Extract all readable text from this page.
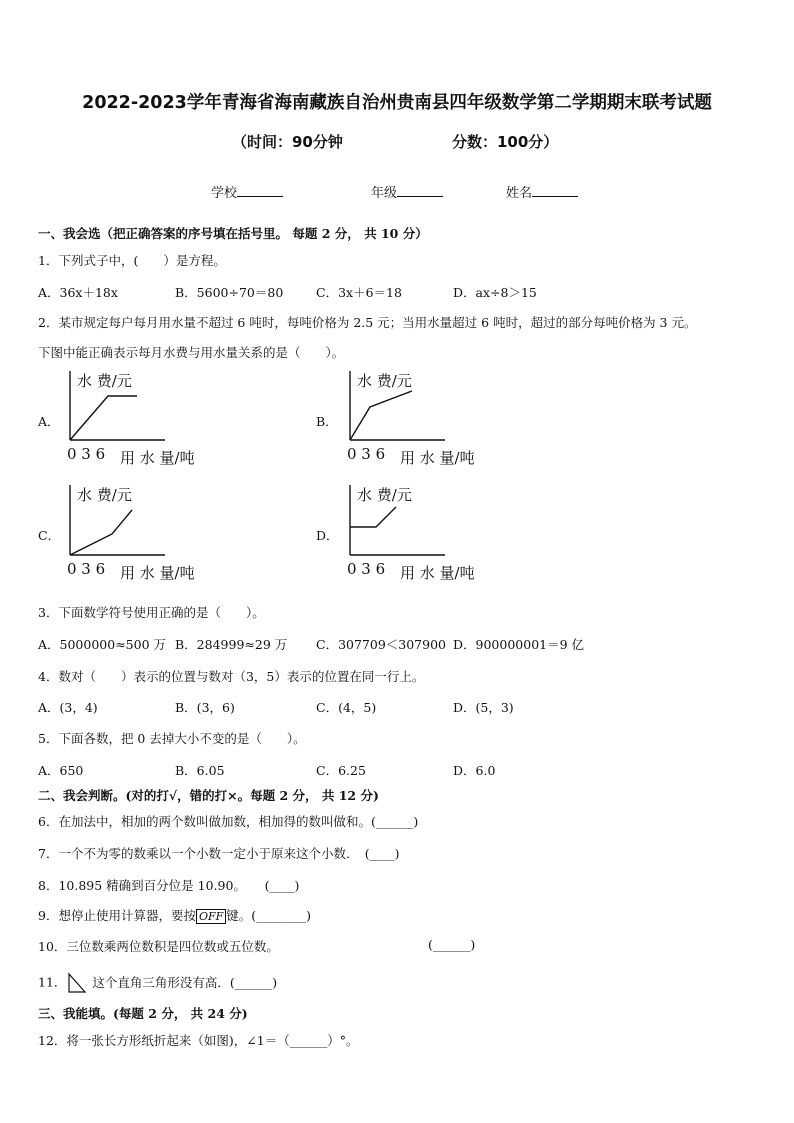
2022-2023学年青海省海南藏族自治州贵南县四年级数学第二学期期末联考试题
（时间：90分钟	分数：100分）
学校	年级	姓名
一、我会选（把正确答案的序号填在括号里。 每题 2 分， 共 10 分）
1．下列式子中，(　　）是方程。
A．36x＋18x	B．5600÷70＝80	C．3x＋6＝18	D．ax÷8＞15
2．某市规定每户每月用水量不超过 6 吨时，每吨价格为 2.5 元；当用水量超过 6 吨时，超过的部分每吨价格为 3 元。
下图中能正确表示每月水费与用水量关系的是（　　）。
A．
水 费/元
0 3 6 用 水 量/吨
B．
水 费/元
0 3 6 用 水 量/吨
C．
水 费/元
0 3 6 用 水 量/吨
D．
水 费/元
0 3 6 用 水 量/吨
3．下面数学符号使用正确的是（　　）。
A．5000000≈500 万 B．284999≈29 万 C．307709＜307900 D．900000001＝9 亿
4．数对（　　）表示的位置与数对（3，5）表示的位置在同一行上。
A．(3，4)	B．(3，6)	C．(4，5)	D．(5，3)
5．下面各数，把 0 去掉大小不变的是（　　）。
A．650	B．6.05	C．6.25	D．6.0
二、我会判断。(对的打√，错的打×。每题 2 分， 共 12 分)
6．在加法中，相加的两个数叫做加数，相加得的数叫做和。(______)
7．一个不为零的数乘以一个小数一定小于原来这个小数．　(____)
8．10.895 精确到百分位是 10.90。　　(____)
9．想停止使用计算器，要按 OFF 键。(________)
10．三位数乘两位数积是四位数或五位数。	(______)
11． 这个直角三角形没有高．(______)
三、我能填。(每题 2 分， 共 24 分)
12．将一张长方形纸折起来（如图)，∠1＝（______）°。
